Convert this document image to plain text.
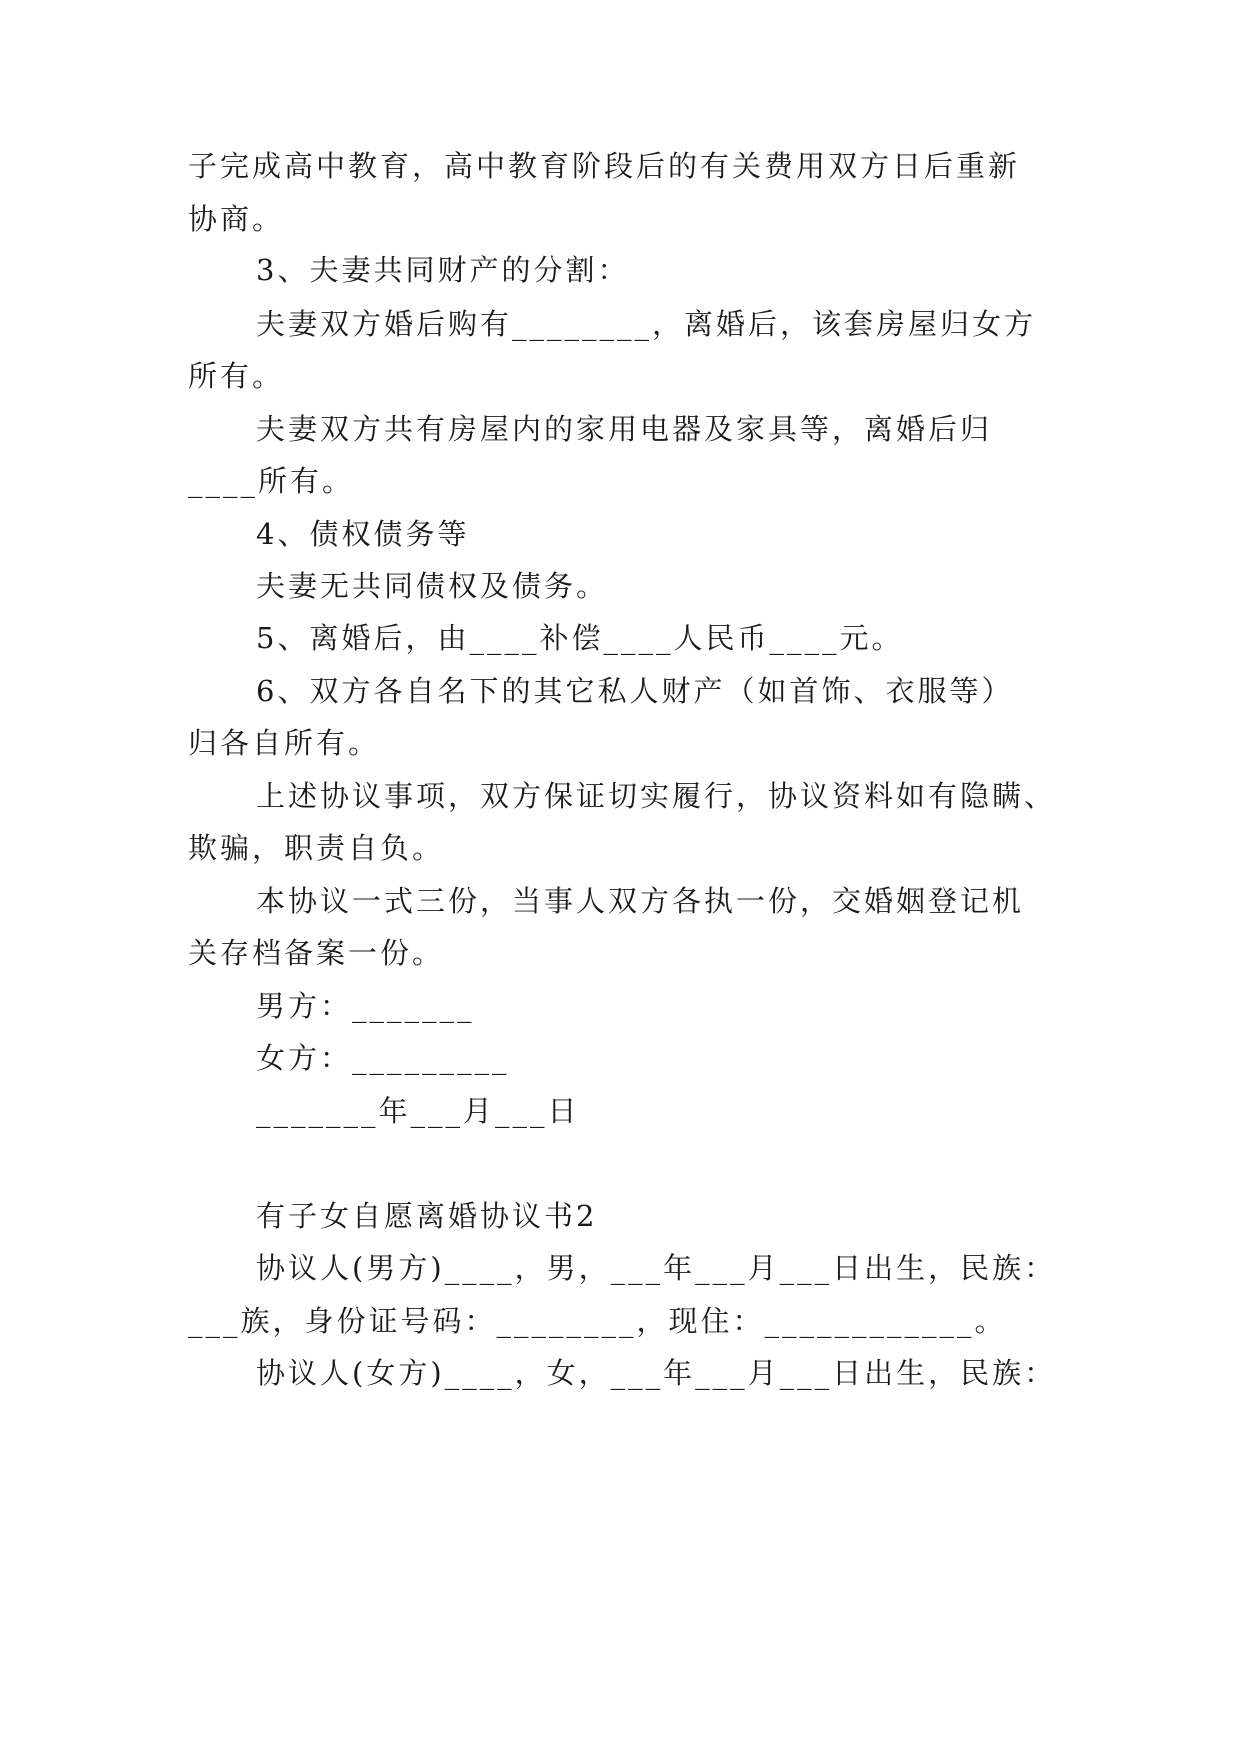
子完成高中教育，高中教育阶段后的有关费用双方日后重新
协商。
3、夫妻共同财产的分割：
夫妻双方婚后购有________，离婚后，该套房屋归女方
所有。
夫妻双方共有房屋内的家用电器及家具等，离婚后归
____所有。
4、债权债务等
夫妻无共同债权及债务。
5、离婚后，由____补偿____人民币____元。
6、双方各自名下的其它私人财产（如首饰、衣服等）
归各自所有。
上述协议事项，双方保证切实履行，协议资料如有隐瞒、
欺骗，职责自负。
本协议一式三份，当事人双方各执一份，交婚姻登记机
关存档备案一份。
男方：_______
女方：_________
_______年___月___日
有子女自愿离婚协议书2
协议人(男方)____，男，___年___月___日出生，民族：
___族，身份证号码：________，现住：____________。
协议人(女方)____，女，___年___月___日出生，民族：
